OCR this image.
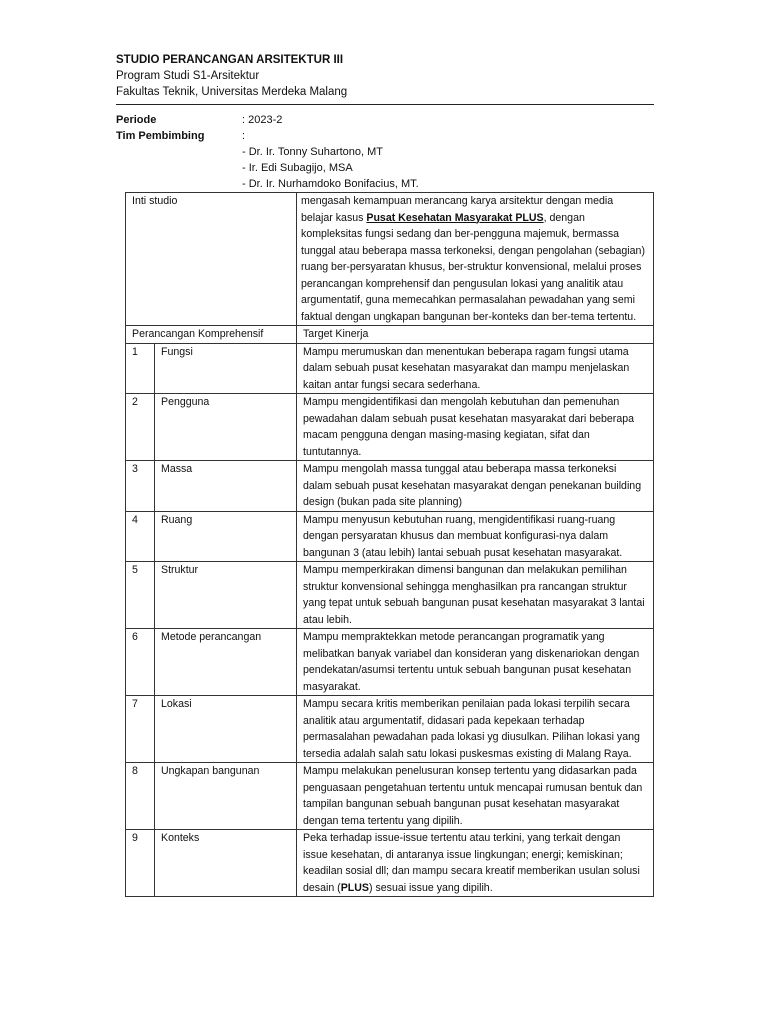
STUDIO PERANCANGAN ARSITEKTUR III
Program Studi S1-Arsitektur
Fakultas Teknik, Universitas Merdeka Malang
Periode	: 2023-2
Tim Pembimbing	:
- Dr. Ir. Tonny Suhartono, MT
- Ir. Edi Subagijo, MSA
- Dr. Ir. Nurhamdoko Bonifacius, MT.
Inti studio		mengasah kemampuan merancang karya arsitektur dengan media belajar kasus Pusat Kesehatan Masyarakat PLUS, dengan kompleksitas fungsi sedang dan ber-pengguna majemuk, bermassa tunggal atau beberapa massa terkoneksi, dengan pengolahan (sebagian) ruang ber-persyaratan khusus, ber-struktur konvensional, melalui proses perancangan komprehensif dan pengusulan lokasi yang analitik atau argumentatif, guna memecahkan permasalahan pewadahan yang semi faktual dengan ungkapan bangunan ber-konteks dan ber-tema tertentu.
Perancangan Komprehensif		Target Kinerja
1	Fungsi	Mampu merumuskan dan menentukan beberapa ragam fungsi utama dalam sebuah pusat kesehatan masyarakat dan mampu menjelaskan kaitan antar fungsi secara sederhana.
2	Pengguna	Mampu mengidentifikasi dan mengolah kebutuhan dan pemenuhan pewadahan dalam sebuah pusat kesehatan masyarakat dari beberapa macam pengguna dengan masing-masing kegiatan, sifat dan tuntutannya.
3	Massa	Mampu mengolah massa tunggal atau beberapa massa terkoneksi dalam sebuah pusat kesehatan masyarakat dengan penekanan building design (bukan pada site planning)
4	Ruang	Mampu menyusun kebutuhan ruang, mengidentifikasi ruang-ruang dengan persyaratan khusus dan membuat konfigurasi-nya dalam bangunan 3 (atau lebih) lantai sebuah pusat kesehatan masyarakat.
5	Struktur	Mampu memperkirakan dimensi bangunan dan melakukan pemilihan struktur konvensional sehingga menghasilkan pra rancangan struktur yang tepat untuk sebuah bangunan pusat kesehatan masyarakat 3 lantai atau lebih.
6	Metode perancangan	Mampu mempraktekkan metode perancangan programatik yang melibatkan banyak variabel dan konsideran yang diskenariokan dengan pendekatan/asumsi tertentu untuk sebuah bangunan pusat kesehatan masyarakat.
7	Lokasi	Mampu secara kritis memberikan penilaian pada lokasi terpilih secara analitik atau argumentatif, didasari pada kepekaan terhadap permasalahan pewadahan pada lokasi yg diusulkan. Pilihan lokasi yang tersedia adalah salah satu lokasi puskesmas existing di Malang Raya.
8	Ungkapan bangunan	Mampu melakukan penelusuran konsep tertentu yang didasarkan pada penguasaan pengetahuan tertentu untuk mencapai rumusan bentuk dan tampilan bangunan sebuah bangunan pusat kesehatan masyarakat dengan tema tertentu yang dipilih.
9	Konteks	Peka terhadap issue-issue tertentu atau terkini, yang terkait dengan issue kesehatan, di antaranya issue lingkungan; energi; kemiskinan; keadilan sosial dll; dan mampu secara kreatif memberikan usulan solusi desain (PLUS) sesuai issue yang dipilih.
